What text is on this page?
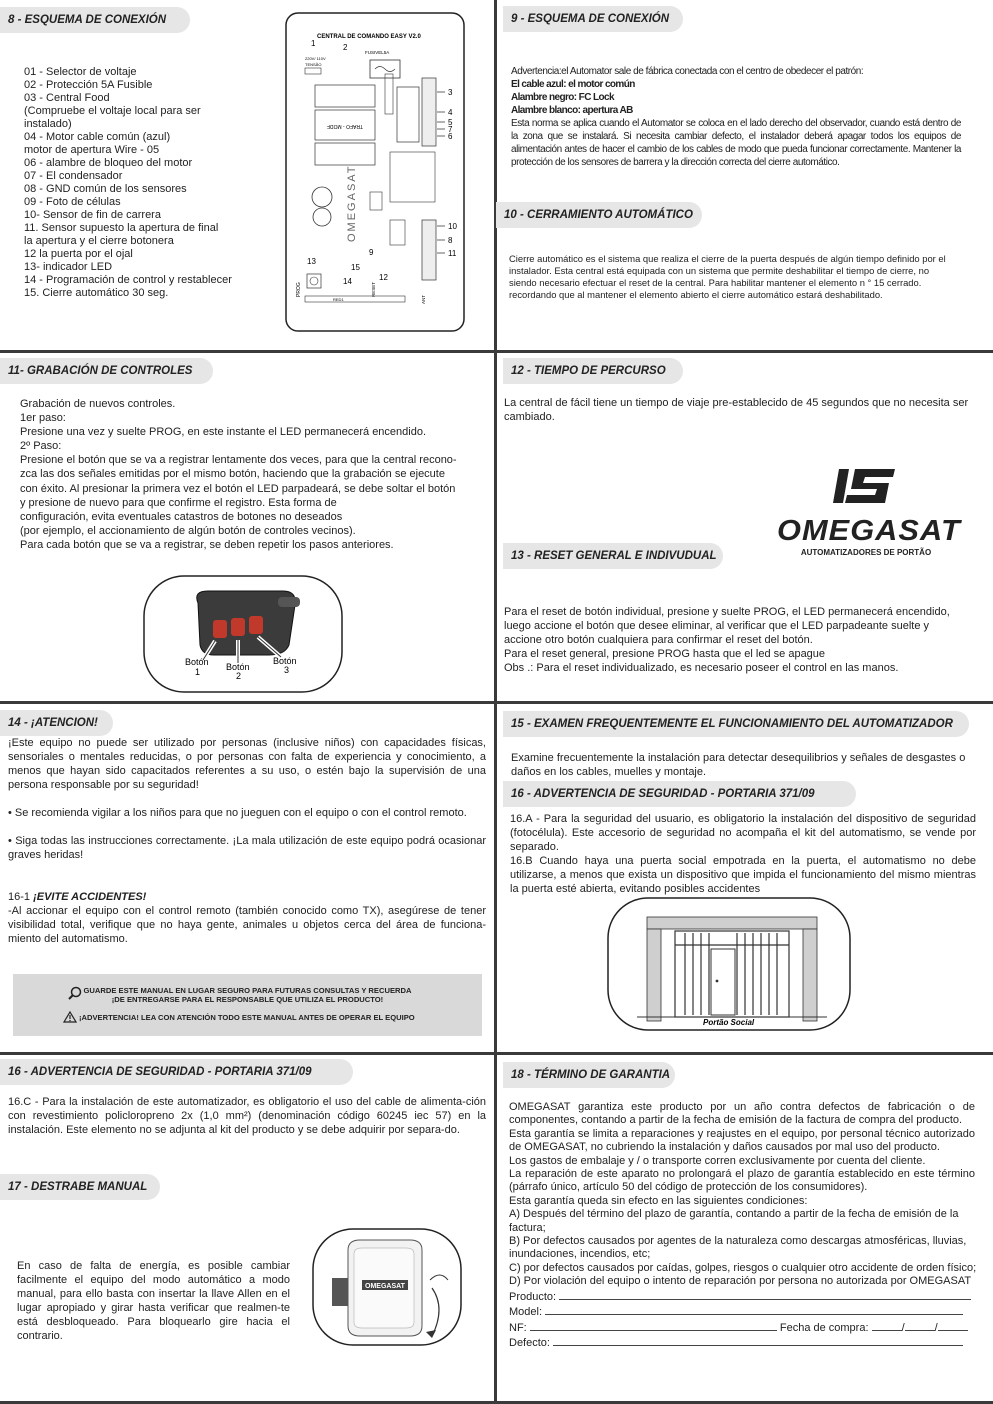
8 - ESQUEMA DE CONEXIÓN
01 - Selector de voltaje
02 - Protección 5A Fusible
03 - Central Food
(Compruebe el voltaje local para ser
instalado)
04 - Motor cable común (azul)
motor de apertura Wire - 05
06 - alambre de bloqueo del motor
07 - El condensador
08 - GND común de los sensores
09 - Foto de células
10- Sensor de fin de carrera
11. Sensor supuesto la apertura de final
la apertura y el cierre botonera
12 la puerta por el ojal
13- indicador LED
14 - Programación de control y restablecer
15. Cierre automático 30 seg.
CENTRAL DE COMANDO EASY V2.0
1	2
FUSIVEL5A
220V/ 110V
TENSÃO
TRAFO - MODF
3
4
5
7
6
OMEGASAT	10
8
11
9
12
13
14
15
PROG	RESET
RED1	ANT
9 - ESQUEMA DE CONEXIÓN
Advertencia:el Automator sale de fábrica conectada con el centro de obedecer el patrón:
El cable azul: el motor común
Alambre negro: FC Lock
Alambre blanco: apertura AB
Esta norma se aplica cuando el Automator se coloca en el lado derecho del observador, cuando está dentro de la zona que se instalará. Si necesita cambiar defecto, el instalador deberá apagar todos los equipos de alimentación antes de hacer el cambio de los cables de modo que pueda funcionar correctamente. Mantener la protección de los sensores de barrera y la dirección correcta del cierre automático.
10 - CERRAMIENTO AUTOMÁTICO
Cierre automático es el sistema que realiza el cierre de la puerta después de algún tiempo definido por el instalador. Esta central está equipada con un sistema que permite deshabilitar el tiempo de cierre, no siendo necesario efectuar el reset de la central. Para habilitar mantener el elemento n ° 15 cerrado. recordando que al mantener el elemento abierto el cierre automático estará deshabilitado.
11- GRABACIÓN DE CONTROLES
Grabación de nuevos controles.
1er paso:
Presione una vez y suelte PROG, en este instante el LED permanecerá encendido.
2º Paso:
Presione el botón que se va a registrar lentamente dos veces, para que la central recono-
zca las dos señales emitidas por el mismo botón, haciendo que la grabación se ejecute
con éxito. Al presionar la primera vez el botón el LED parpadeará, se debe soltar el botón
y presione de nuevo para que confirme el registro. Esta forma de
configuración, evita eventuales catastros de botones no deseados
(por ejemplo, el accionamiento de algún botón de controles vecinos).
Para cada botón que se va a registrar, se deben repetir los pasos anteriores.
Botón
1	Botón
2
Botón
3
12 - TIEMPO DE PERCURSO
La central de fácil tiene un tiempo de viaje pre-establecido de 45 segundos que no necesita ser cambiado.
OMEGASAT
AUTOMATIZADORES DE PORTÃO
13 - RESET GENERAL E INDIVUDUAL
Para el reset de botón individual, presione y suelte PROG, el LED permanecerá encendido,
luego accione el botón que desee eliminar, al verificar que el LED parpadeante suelte y
accione otro botón cualquiera para confirmar el reset del botón.
Para el reset general, presione PROG hasta que el led se apague
Obs .: Para el reset individualizado, es necesario poseer el control en las manos.
14 - ¡ATENCION!
¡Este equipo no puede ser utilizado por personas (inclusive niños) con capacidades físicas, sensoriales o mentales reducidas, o por personas con falta de experiencia y conocimiento, a menos que hayan sido capacitados referentes a su uso, o estén bajo la supervisión de una persona responsable por su seguridad!
• Se recomienda vigilar a los niños para que no jueguen con el equipo o con el control remoto.
• Siga todas las instrucciones correctamente. ¡La mala utilización de este equipo podrá ocasionar graves heridas!
16-1 ¡EVITE ACCIDENTES!
-Al accionar el equipo con el control remoto (también conocido como TX), asegúrese de tener visibilidad total, verifique que no haya gente, animales u objetos cerca del área de funciona-miento del automatismo.
GUARDE ESTE MANUAL EN LUGAR SEGURO PARA FUTURAS CONSULTAS Y RECUERDA
¡DE ENTREGARSE PARA EL RESPONSABLE QUE UTILIZA EL PRODUCTO!
¡ADVERTENCIA! LEA CON ATENCIÓN TODO ESTE MANUAL ANTES DE OPERAR EL EQUIPO
15 - EXAMEN FREQUENTEMENTE EL FUNCIONAMIENTO DEL AUTOMATIZADOR
Examine frecuentemente la instalación para detectar desequilibrios y señales de desgastes o daños en los cables, muelles y montaje.
16 - ADVERTENCIA DE SEGURIDAD - PORTARIA 371/09
16.A - Para la seguridad del usuario, es obligatorio la instalación del dispositivo de seguridad (fotocélula). Este accesorio de seguridad no acompaña el kit del automatismo, se vende por separado.
16.B Cuando haya una puerta social empotrada en la puerta, el automatismo no debe utilizarse, a menos que exista un dispositivo que impida el funcionamiento del mismo mientras la puerta esté abierta, evitando posibles accidentes
Portão Social
16 - ADVERTENCIA DE SEGURIDAD - PORTARIA 371/09
16.C - Para la instalación de este automatizador, es obligatorio el uso del cable de alimenta-ción con revestimiento policloropreno 2x (1,0 mm²) (denominación código 60245 iec 57) en la instalación. Este elemento no se adjunta al kit del producto y se debe adquirir por separa-do.
17 - DESTRABE MANUAL
En caso de falta de energía, es posible cambiar facilmente el equipo del modo automático a modo manual, para ello basta con insertar la llave Allen en el lugar apropiado y girar hasta verificar que realmen-te está desbloqueado. Para bloquearlo gire hacia el contrario.
OMEGASAT
18 - TÉRMINO DE GARANTIA
OMEGASAT garantiza este producto por un año contra defectos de fabricación o de componentes, contando a partir de la fecha de emisión de la factura de compra del producto.
Esta garantía se limita a reparaciones y reajustes en el equipo, por personal técnico autorizado de OMEGASAT, no cubriendo la instalación y daños causados por mal uso del producto.
Los gastos de embalaje y / o transporte corren exclusivamente por cuenta del cliente.
La reparación de este aparato no prolongará el plazo de garantía establecido en este término (párrafo único, artículo 50 del código de protección de los consumidores).
Esta garantía queda sin efecto en las siguientes condiciones:
A) Después del término del plazo de garantía, contando a partir de la fecha de emisión de la factura;
B) Por defectos causados por agentes de la naturaleza como descargas atmosféricas, lluvias, inundaciones, incendios, etc;
C) por defectos causados por caídas, golpes, riesgos o cualquier otro accidente de orden físico;
D) Por violación del equipo o intento de reparación por persona no autorizada por OMEGASAT
Producto:
Model:
NF:	Fecha de compra:	/	/
Defecto:
